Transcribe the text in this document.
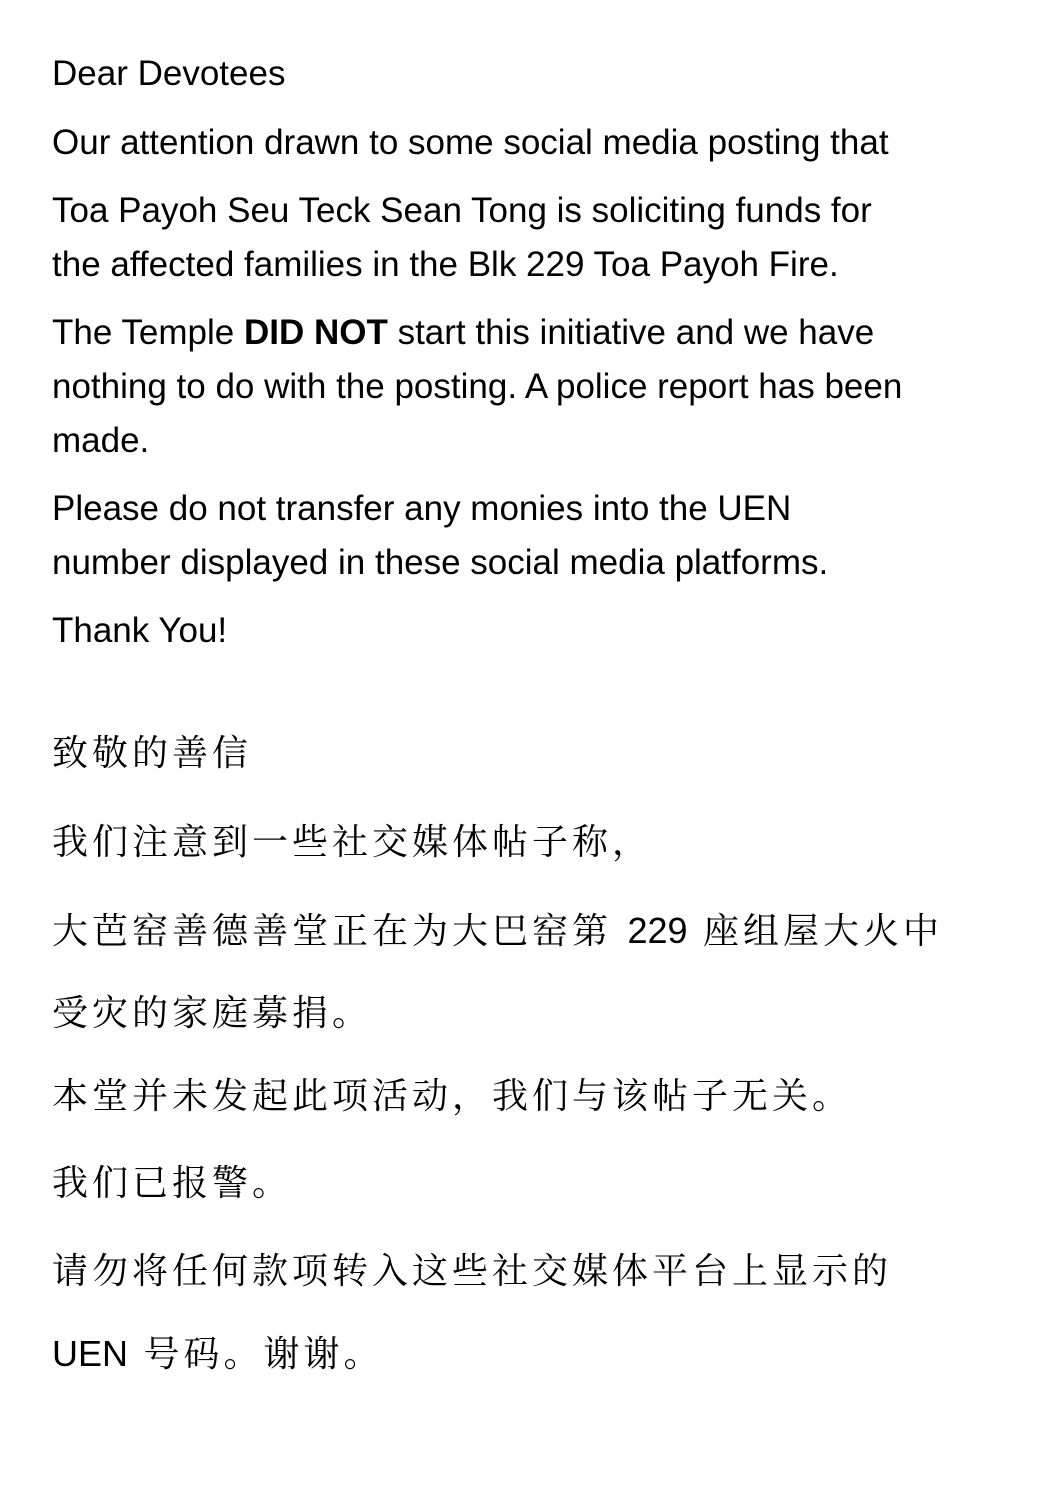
Dear Devotees

Our attention drawn to some social media posting that

Toa Payoh Seu Teck Sean Tong is soliciting funds for
the affected families in the Blk 229 Toa Payoh Fire.

The Temple DID NOT start this initiative and we have
nothing to do with the posting. A police report has been
made.

Please do not transfer any monies into the UEN
number displayed in these social media platforms.

Thank You!

致敬的善信

我们注意到一些社交媒体帖子称，

大芭窑善德善堂正在为大巴窑第 229 座组屋大火中
受灾的家庭募捐。

本堂并未发起此项活动，我们与该帖子无关。

我们已报警。

请勿将任何款项转入这些社交媒体平台上显示的
UEN 号码。谢谢。
